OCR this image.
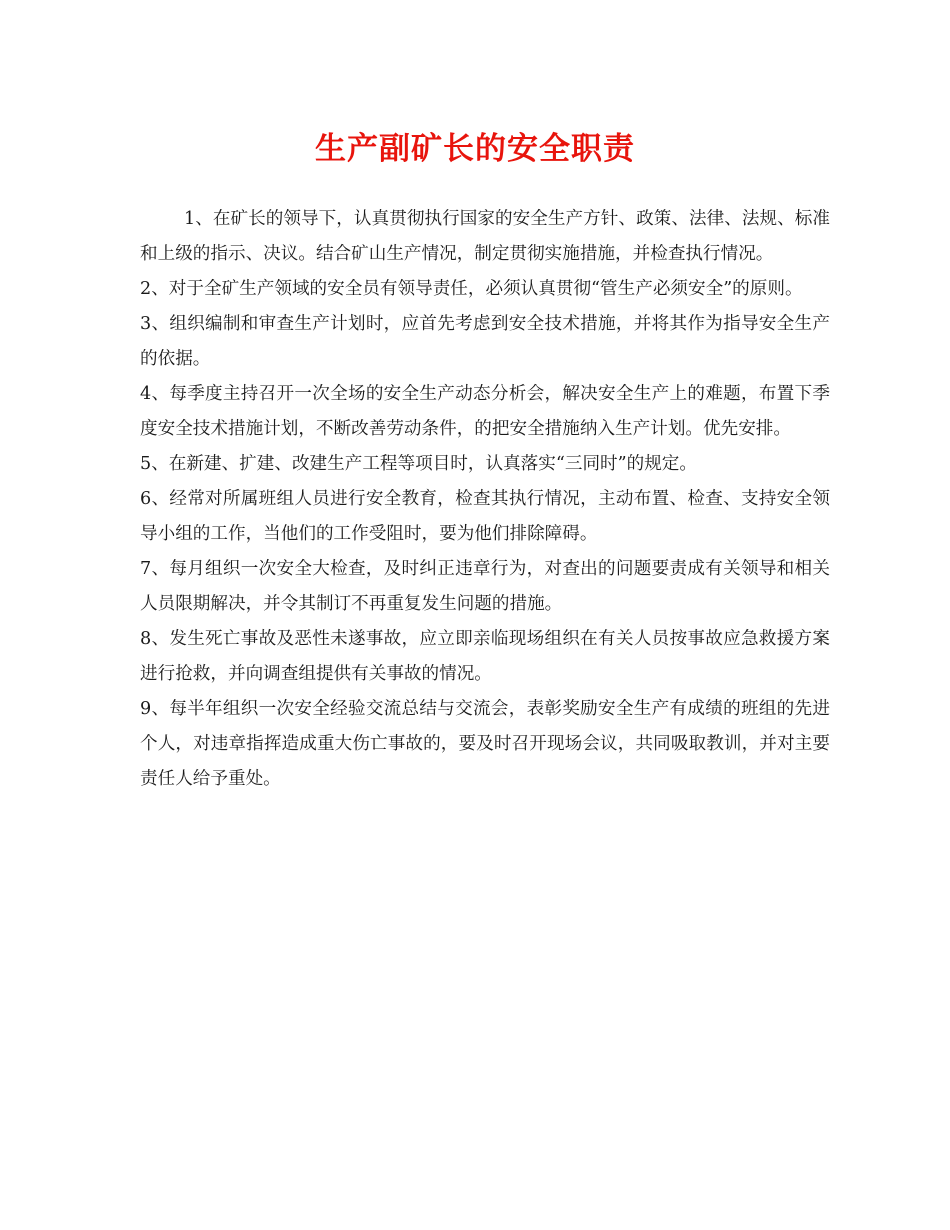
生产副矿长的安全职责

1、在矿长的领导下，认真贯彻执行国家的安全生产方针、政策、法律、法规、标准和上级的指示、决议。结合矿山生产情况，制定贯彻实施措施，并检查执行情况。

2、对于全矿生产领域的安全员有领导责任，必须认真贯彻“管生产必须安全”的原则。

3、组织编制和审查生产计划时，应首先考虑到安全技术措施，并将其作为指导安全生产的依据。

4、每季度主持召开一次全场的安全生产动态分析会，解决安全生产上的难题，布置下季度安全技术措施计划，不断改善劳动条件，的把安全措施纳入生产计划。优先安排。

5、在新建、扩建、改建生产工程等项目时，认真落实“三同时”的规定。

6、经常对所属班组人员进行安全教育，检查其执行情况，主动布置、检查、支持安全领导小组的工作，当他们的工作受阻时，要为他们排除障碍。

7、每月组织一次安全大检查，及时纠正违章行为，对查出的问题要责成有关领导和相关人员限期解决，并令其制订不再重复发生问题的措施。

8、发生死亡事故及恶性未遂事故，应立即亲临现场组织在有关人员按事故应急救援方案进行抢救，并向调查组提供有关事故的情况。

9、每半年组织一次安全经验交流总结与交流会，表彰奖励安全生产有成绩的班组的先进个人，对违章指挥造成重大伤亡事故的，要及时召开现场会议，共同吸取教训，并对主要责任人给予重处。
